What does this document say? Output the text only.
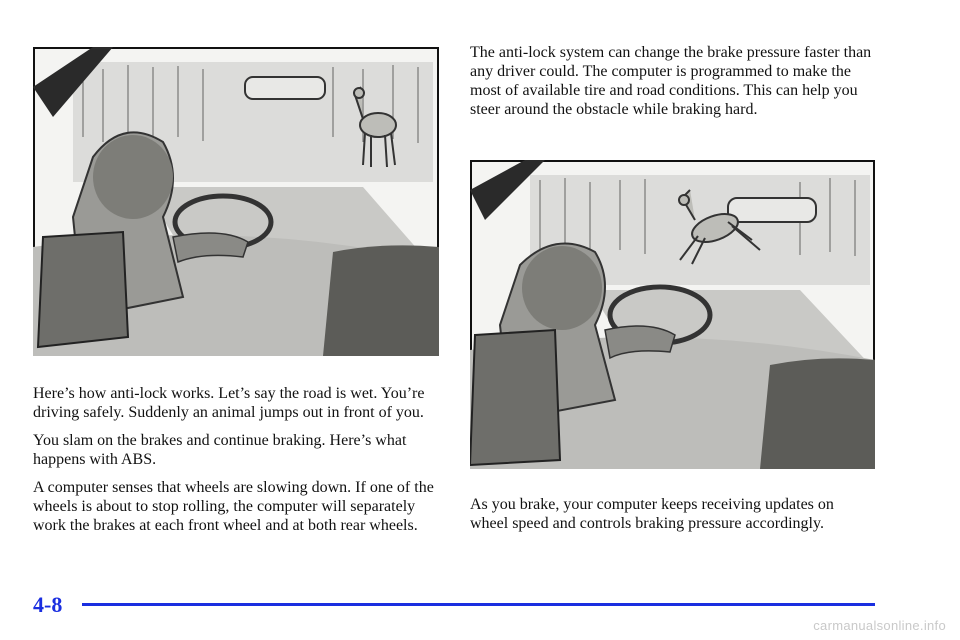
Here’s how anti‑lock works. Let’s say the road is wet. You’re driving safely. Suddenly an animal jumps out in front of you.

You slam on the brakes and continue braking. Here’s what happens with ABS.

A computer senses that wheels are slowing down. If one of the wheels is about to stop rolling, the computer will separately work the brakes at each front wheel and at both rear wheels.

The anti‑lock system can change the brake pressure faster than any driver could. The computer is programmed to make the most of available tire and road conditions. This can help you steer around the obstacle while braking hard.

As you brake, your computer keeps receiving updates on wheel speed and controls braking pressure accordingly.

4-8
carmanualsonline.info
